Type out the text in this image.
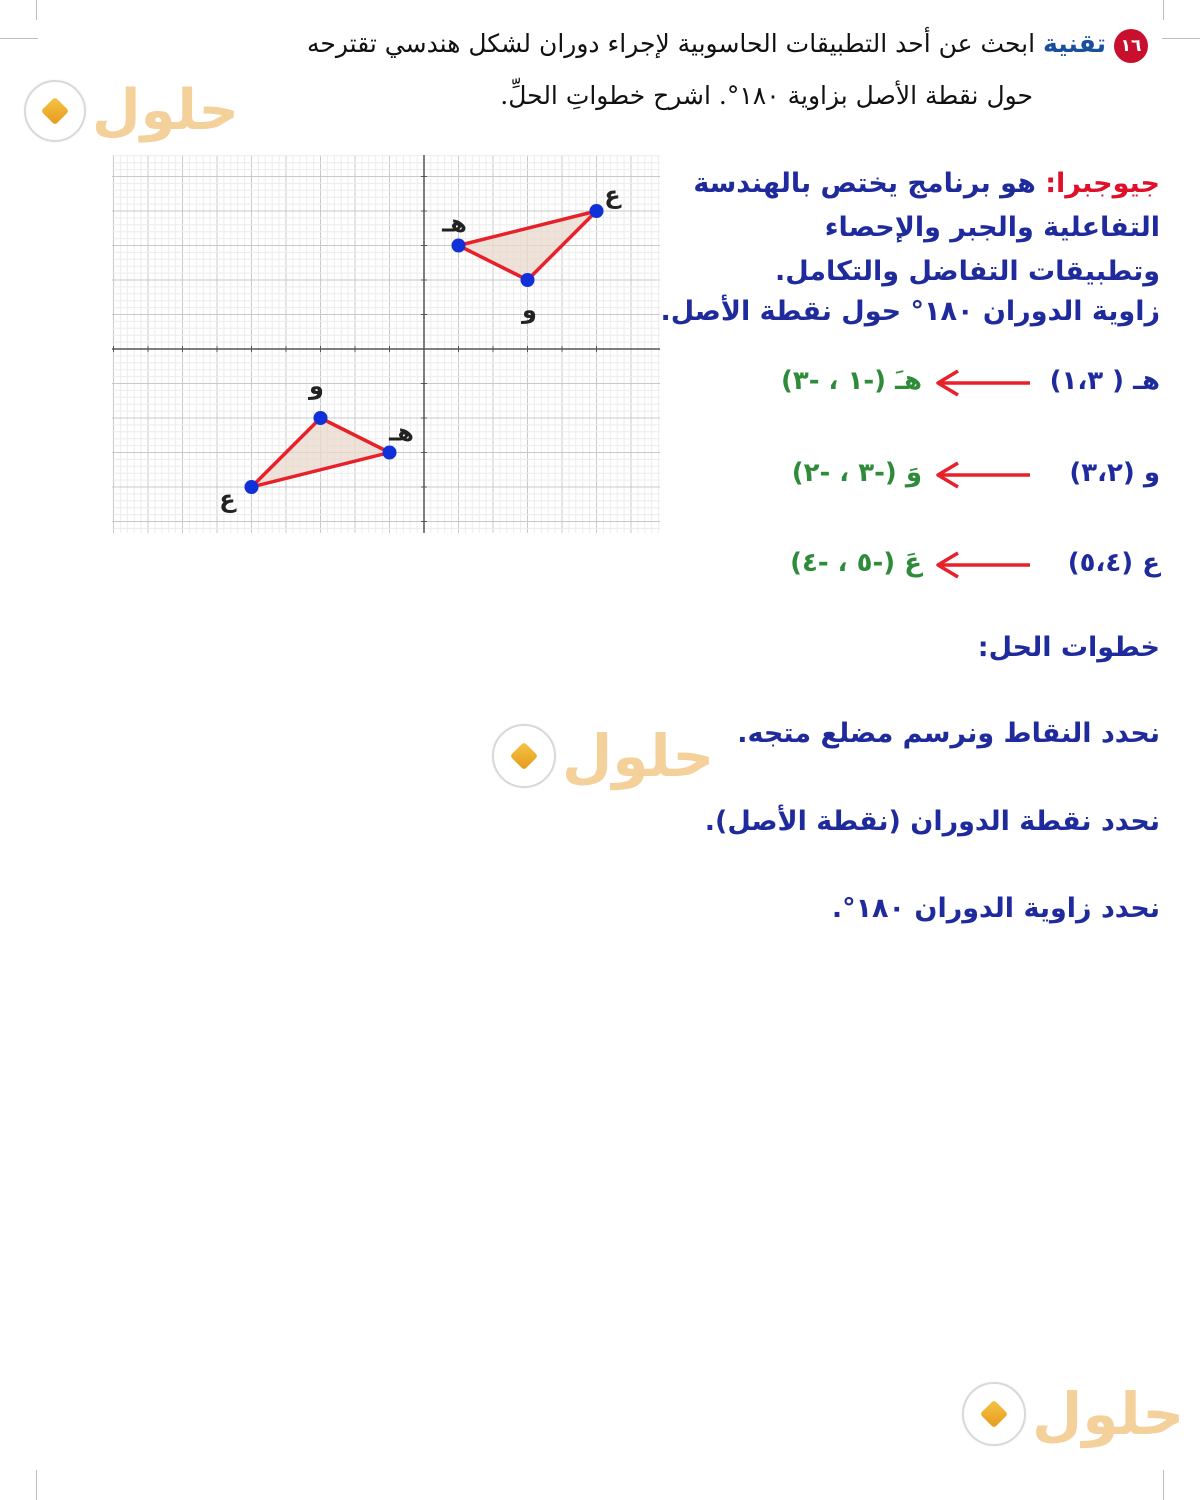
حلول
حلول
حلول
١٦تقنية ابحث عن أحد التطبيقات الحاسوبية لإجراء دوران لشكل هندسي تقترحه
حول نقطة الأصل بزاوية ١٨٠°. اشرح خطواتِ الحلِّ.
جيوجبرا: هو برنامج يختص بالهندسة التفاعلية والجبر والإحصاء وتطبيقات التفاضل والتكامل.
زاوية الدوران ١٨٠° حول نقطة الأصل.
هـ ( ١،٣)
هـَ (-١ ، -٣)
و (٣،٢)
وَ (-٣ ، -٢)
ع (٥،٤)
عَ (-٥ ، -٤)
خطوات الحل:
نحدد النقاط ونرسم مضلع متجه.
نحدد نقطة الدوران (نقطة الأصل).
نحدد زاوية الدوران ١٨٠°.
هـ
و
ع
هـ
و
ع
